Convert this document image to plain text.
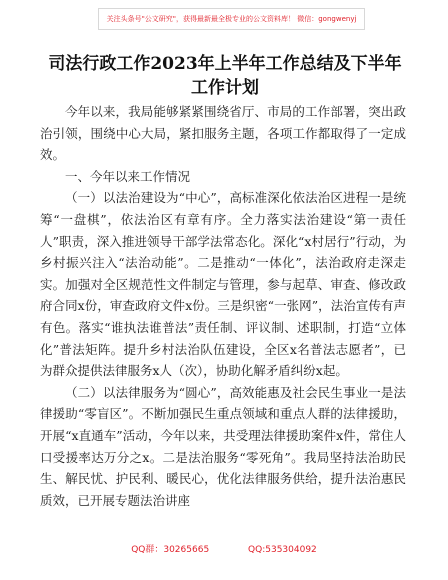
关注头条号"公文研究"，获得最新最全极专业的公文资料库！ 微信：gongwenyj
司法行政工作2023年上半年工作总结及下半年工作计划

今年以来，我局能够紧紧围绕省厅、市局的工作部署，突出政治引领，围绕中心大局，紧扣服务主题，各项工作都取得了一定成效。

一、今年以来工作情况

（一）以法治建设为“中心”，高标准深化依法治区进程一是统筹“一盘棋”，依法治区有章有序。全力落实法治建设“第一责任人”职责，深入推进领导干部学法常态化。深化“x村居行”行动，为乡村振兴注入“法治动能”。二是推动“一体化”，法治政府走深走实。加强对全区规范性文件制定与管理，参与起草、审查、修改政府合同x份，审查政府文件x份。三是织密“一张网”，法治宣传有声有色。落实“谁执法谁普法”责任制、评议制、述职制，打造“立体化”普法矩阵。提升乡村法治队伍建设，全区x名普法志愿者”，已为群众提供法律服务x人（次），协助化解矛盾纠纷x起。

（二）以法律服务为“圆心”，高效能惠及社会民生事业一是法律援助“零盲区”。不断加强民生重点领域和重点人群的法律援助，开展“x直通车”活动，今年以来，共受理法律援助案件x件，常住人口受援率达万分之x。二是法治服务“零死角”。我局坚持法治助民生、解民忧、护民利、暖民心，优化法律服务供给，提升法治惠民质效，已开展专题法治讲座

QQ群：30265665	QQ:535304092
